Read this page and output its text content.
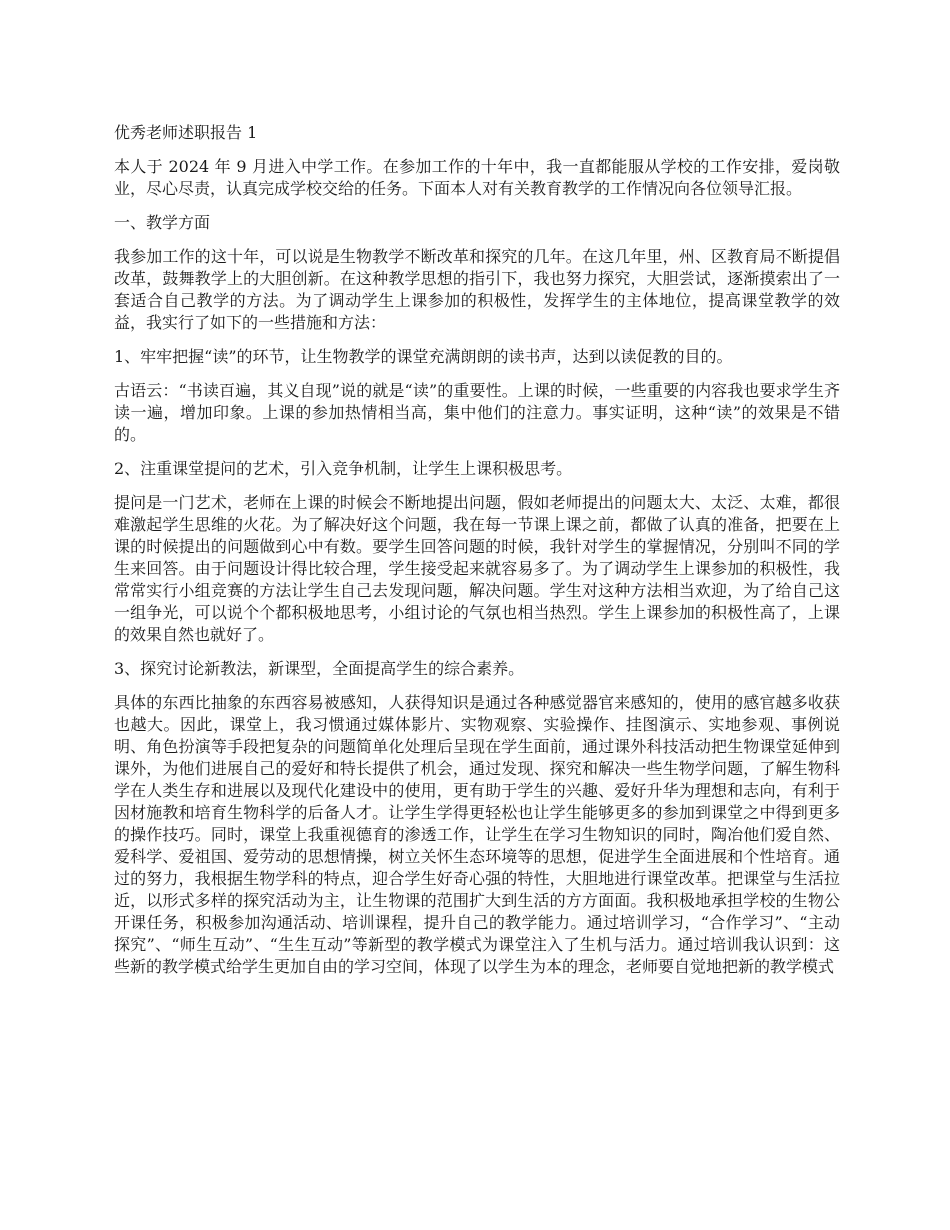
优秀老师述职报告 1

本人于 2024 年 9 月进入中学工作。在参加工作的十年中，我一直都能服从学校的工作安排，爱岗敬业，尽心尽责，认真完成学校交给的任务。下面本人对有关教育教学的工作情况向各位领导汇报。

一、教学方面

我参加工作的这十年，可以说是生物教学不断改革和探究的几年。在这几年里，州、区教育局不断提倡改革，鼓舞教学上的大胆创新。在这种教学思想的指引下，我也努力探究，大胆尝试，逐渐摸索出了一套适合自己教学的方法。为了调动学生上课参加的积极性，发挥学生的主体地位，提高课堂教学的效益，我实行了如下的一些措施和方法：

1、牢牢把握“读”的环节，让生物教学的课堂充满朗朗的读书声，达到以读促教的目的。

古语云：“书读百遍，其义自现”说的就是“读”的重要性。上课的时候，一些重要的内容我也要求学生齐读一遍，增加印象。上课的参加热情相当高，集中他们的注意力。事实证明，这种“读”的效果是不错的。

2、注重课堂提问的艺术，引入竞争机制，让学生上课积极思考。

提问是一门艺术，老师在上课的时候会不断地提出问题，假如老师提出的问题太大、太泛、太难，都很难激起学生思维的火花。为了解决好这个问题，我在每一节课上课之前，都做了认真的准备，把要在上课的时候提出的问题做到心中有数。要学生回答问题的时候，我针对学生的掌握情况，分别叫不同的学生来回答。由于问题设计得比较合理，学生接受起来就容易多了。为了调动学生上课参加的积极性，我常常实行小组竞赛的方法让学生自己去发现问题，解决问题。学生对这种方法相当欢迎，为了给自己这一组争光，可以说个个都积极地思考，小组讨论的气氛也相当热烈。学生上课参加的积极性高了，上课的效果自然也就好了。

3、探究讨论新教法，新课型，全面提高学生的综合素养。

具体的东西比抽象的东西容易被感知，人获得知识是通过各种感觉器官来感知的，使用的感官越多收获也越大。因此，课堂上，我习惯通过媒体影片、实物观察、实验操作、挂图演示、实地参观、事例说明、角色扮演等手段把复杂的问题简单化处理后呈现在学生面前，通过课外科技活动把生物课堂延伸到课外，为他们进展自己的爱好和特长提供了机会，通过发现、探究和解决一些生物学问题，了解生物科学在人类生存和进展以及现代化建设中的使用，更有助于学生的兴趣、爱好升华为理想和志向，有利于因材施教和培育生物科学的后备人才。让学生学得更轻松也让学生能够更多的参加到课堂之中得到更多的操作技巧。同时，课堂上我重视德育的渗透工作，让学生在学习生物知识的同时，陶冶他们爱自然、爱科学、爱祖国、爱劳动的思想情操，树立关怀生态环境等的思想，促进学生全面进展和个性培育。通过的努力，我根据生物学科的特点，迎合学生好奇心强的特性，大胆地进行课堂改革。把课堂与生活拉近，以形式多样的探究活动为主，让生物课的范围扩大到生活的方方面面。我积极地承担学校的生物公开课任务，积极参加沟通活动、培训课程，提升自己的教学能力。通过培训学习，“合作学习”、“主动探究”、“师生互动”、“生生互动”等新型的教学模式为课堂注入了生机与活力。通过培训我认识到：这些新的教学模式给学生更加自由的学习空间，体现了以学生为本的理念，老师要自觉地把新的教学模式
